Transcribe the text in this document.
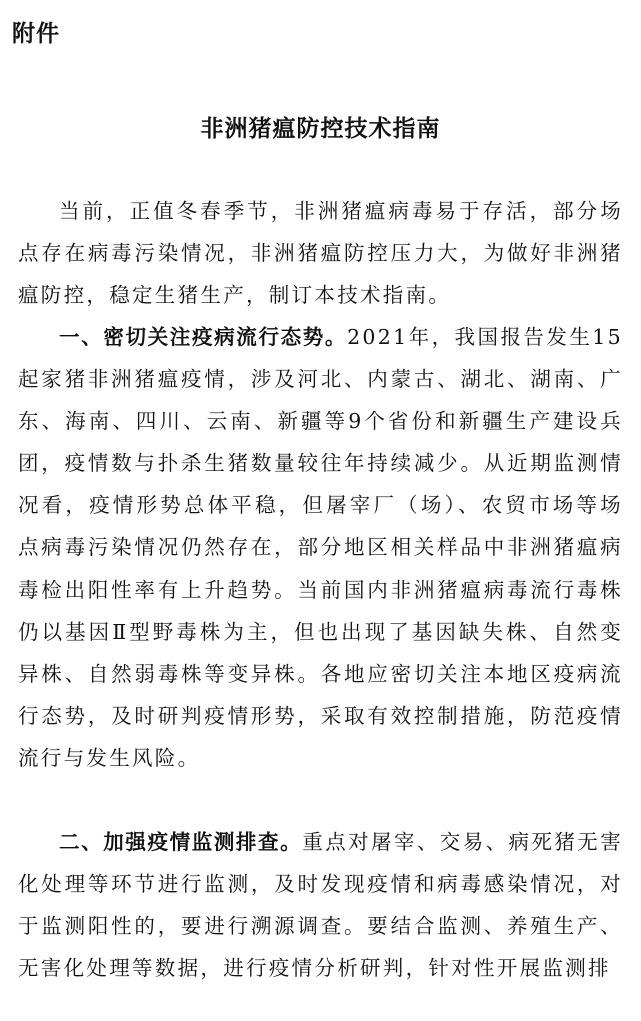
附件
非洲猪瘟防控技术指南

当前，正值冬春季节，非洲猪瘟病毒易于存活，部分场点存在病毒污染情况，非洲猪瘟防控压力大，为做好非洲猪瘟防控，稳定生猪生产，制订本技术指南。

一、密切关注疫病流行态势。2021年，我国报告发生15起家猪非洲猪瘟疫情，涉及河北、内蒙古、湖北、湖南、广东、海南、四川、云南、新疆等9个省份和新疆生产建设兵团，疫情数与扑杀生猪数量较往年持续减少。从近期监测情况看，疫情形势总体平稳，但屠宰厂（场）、农贸市场等场点病毒污染情况仍然存在，部分地区相关样品中非洲猪瘟病毒检出阳性率有上升趋势。当前国内非洲猪瘟病毒流行毒株仍以基因Ⅱ型野毒株为主，但也出现了基因缺失株、自然变异株、自然弱毒株等变异株。各地应密切关注本地区疫病流行态势，及时研判疫情形势，采取有效控制措施，防范疫情流行与发生风险。

二、加强疫情监测排查。重点对屠宰、交易、病死猪无害化处理等环节进行监测，及时发现疫情和病毒感染情况，对于监测阳性的，要进行溯源调查。要结合监测、养殖生产、无害化处理等数据，进行疫情分析研判，针对性开展监测排
